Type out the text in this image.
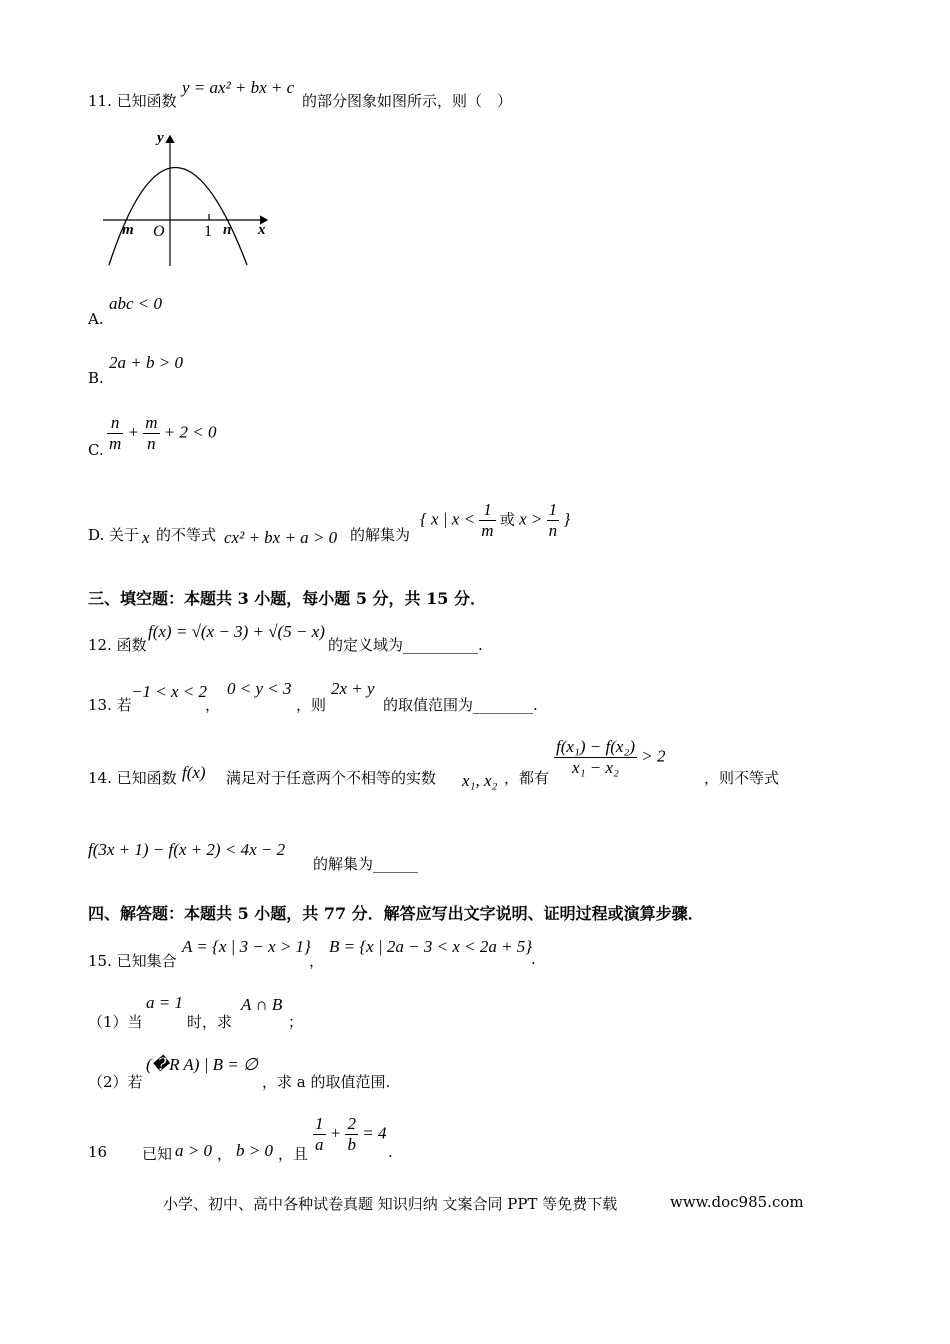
11. 已知函数
y = ax² + bx + c
的部分图象如图所示，则（　）
y
x
m O 1 n
A.
abc < 0
B.
2a + b > 0
C. $\frac{n}{m} + \frac{m}{n} + 2 < 0$
D. 关于 x 的不等式 cx² + bx + a > 0 的解集为
{ x | $x < \frac{1}{m}$ 或 $x > \frac{1}{n}$ }
三、填空题：本题共 3 小题，每小题 5 分，共 15 分．
12. 函数
f(x) = √(x − 3) + √(5 − x)
的定义域为__________.
13. 若
−1 < x < 2
，
0 < y < 3
，则
2x + y
的取值范围为________.
14. 已知函数 f(x) 满足对于任意两个不相等的实数 x₁, x₂ ，都有 $\frac{\text{f(x₁) − f(x₂)}}{\text{x₁ − x₂}} > 2$
，则不等式
f(3x + 1) − f(x + 2) < 4x − 2
的解集为______
四、解答题：本题共 5 小题，共 77 分．解答应写出文字说明、证明过程或演算步骤．
15. 已知集合
A = {x | 3 − x > 1}
，
B = {x | 2a − 3 < x < 2a + 5}
.
（1）当
a = 1
时，求
A ∩ B
；
（2）若
(�R A) | B = ∅
，求 a 的取值范围.
16 已知 a > 0 ， b > 0 ，且 $\frac{1}{a} + \frac{2}{b} = 4$
.
小学、初中、高中各种试卷真题 知识归纳 文案合同 PPT 等免费下载	www.doc985.com
